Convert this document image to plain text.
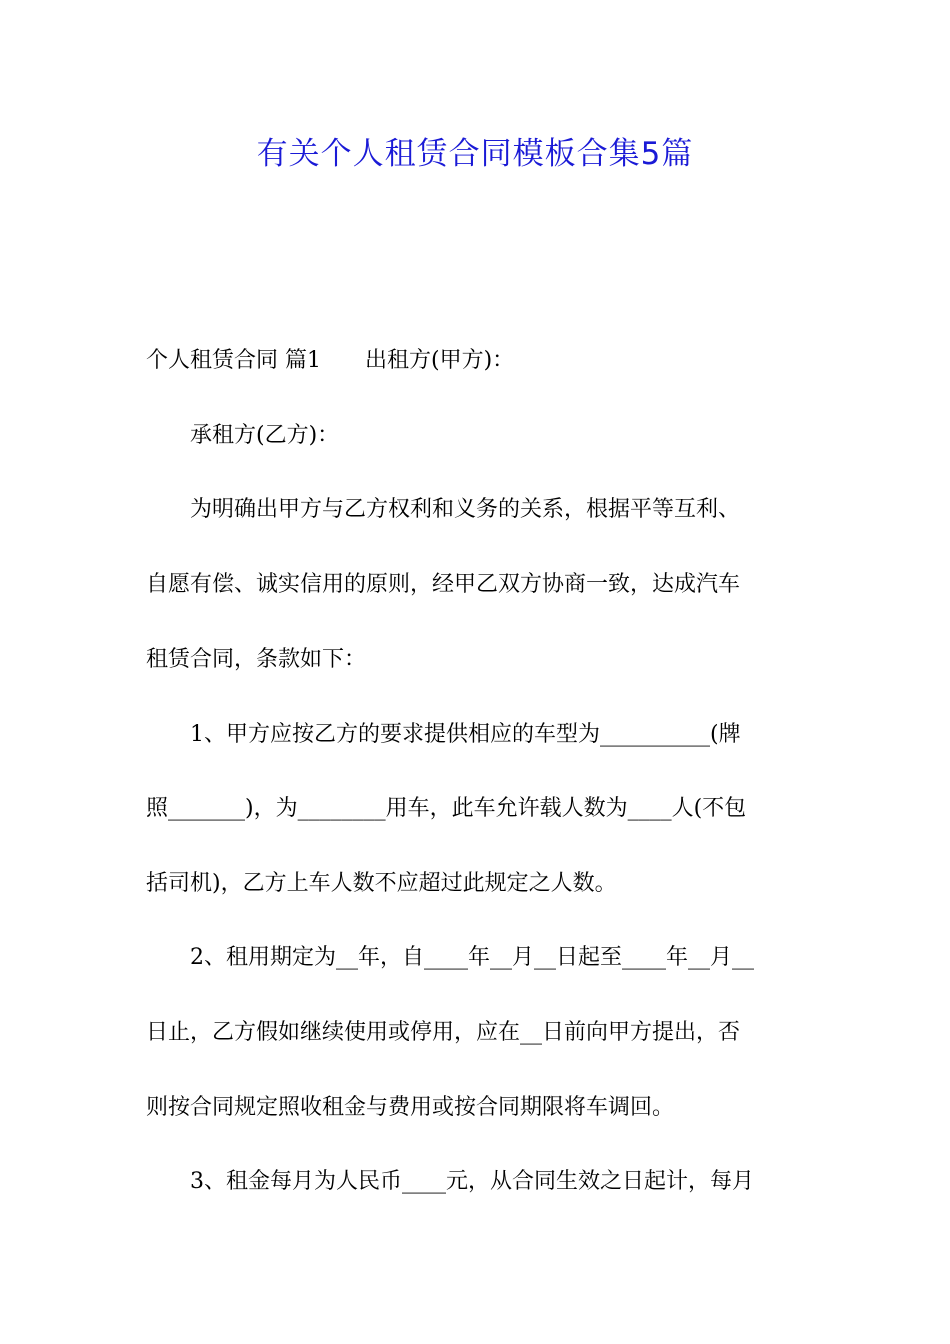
有关个人租赁合同模板合集5篇
个人租赁合同 篇1 出租方(甲方)：
承租方(乙方)：
为明确出甲方与乙方权利和义务的关系，根据平等互利、
自愿有偿、诚实信用的原则，经甲乙双方协商一致，达成汽车
租赁合同，条款如下：
1、甲方应按乙方的要求提供相应的车型为__________(牌
照_______)，为________用车，此车允许载人数为____人(不包
括司机)，乙方上车人数不应超过此规定之人数。
2、租用期定为__年，自____年__月__日起至____年__月__
日止，乙方假如继续使用或停用，应在__日前向甲方提出，否
则按合同规定照收租金与费用或按合同期限将车调回。
3、租金每月为人民币____元，从合同生效之日起计，每月
